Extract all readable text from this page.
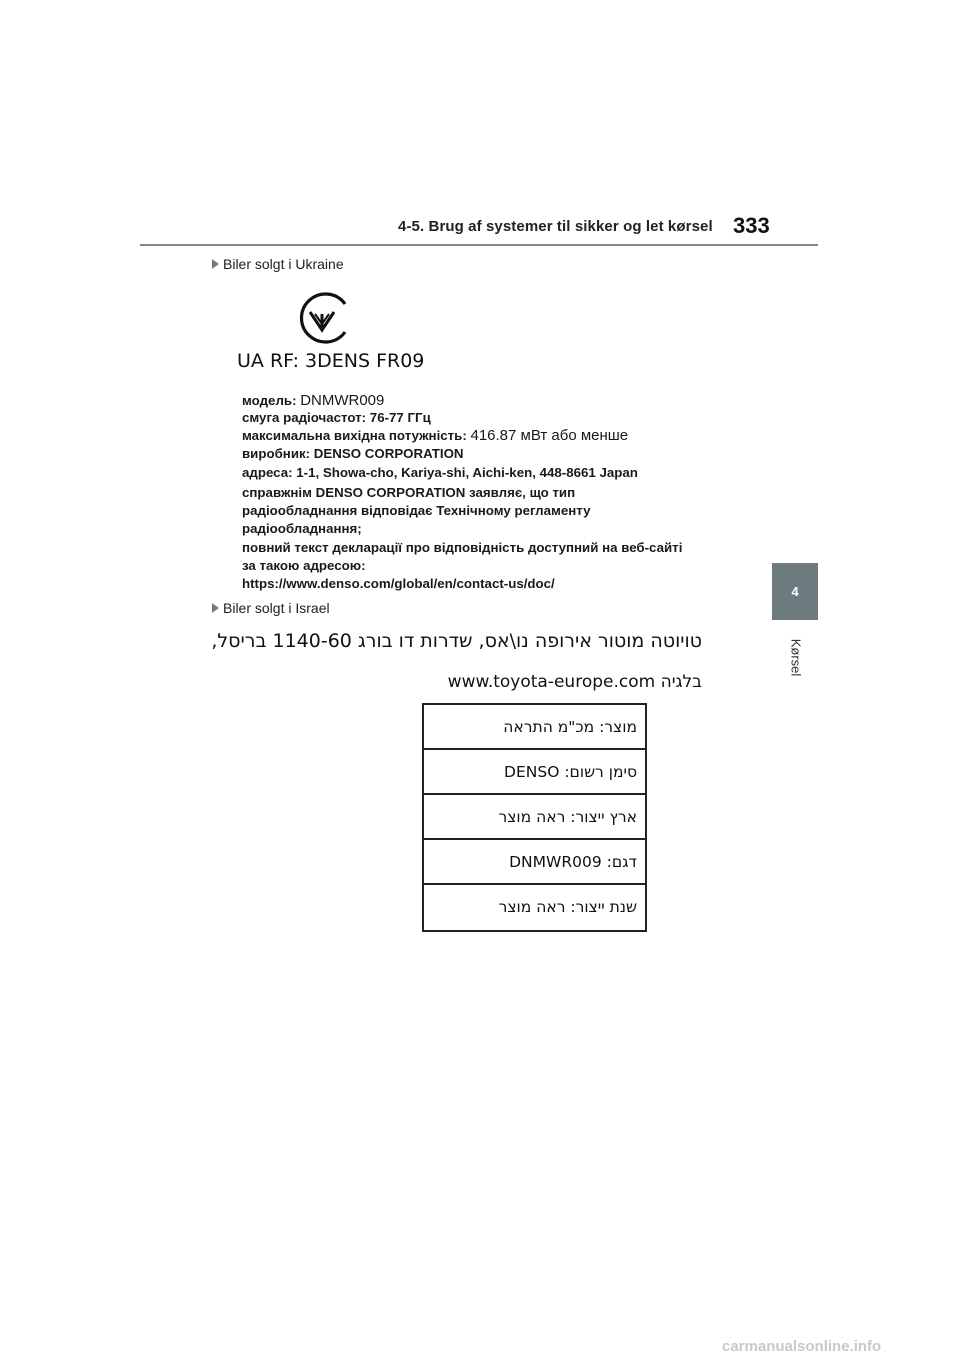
4-5. Brug af systemer til sikker og let kørsel 333
4
Kørsel
Biler solgt i Ukraine
UA RF: 3DENS FR09
модель: DNMWR009
смуга радіочастот: 76-77 ГГц
максимальна вихідна потужність: 416.87 мВт або менше
виробник: DENSO CORPORATION
адреса: 1-1, Showa-cho, Kariya-shi, Aichi-ken, 448-8661 Japan
справжнім DENSO CORPORATION заявляє, що тип
радіообладнання відповідає Технічному регламенту
радіообладнання;
повний текст декларації про відповідність доступний на веб-сайті
за такою адресою:
https://www.denso.com/global/en/contact-us/doc/
Biler solgt i Israel
טויוטה מוטור אירופה נו\אס, שדרות דו בורג 1140-60 בריסל,
בלגיה www.toyota-europe.com
מוצר: מכ"מ התראה
סימן רשום: DENSO
ארץ ייצור: ראה מוצר
דגם: DNMWR009
שנת ייצור: ראה מוצר
carmanualsonline.info
